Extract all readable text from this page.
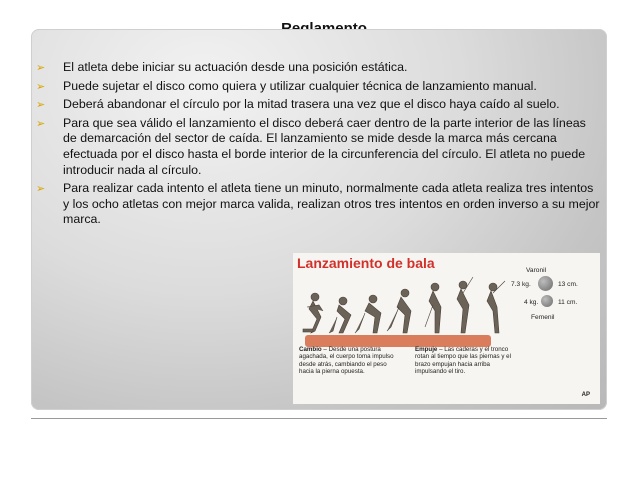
➢ El atleta debe iniciar su actuación desde una posición estática.
➢ Puede sujetar el disco como quiera y utilizar cualquier técnica de lanzamiento manual.
➢ Deberá abandonar el círculo por la mitad trasera una vez que el disco haya caído al suelo.
➢ Para que sea válido el lanzamiento el disco deberá caer dentro de la parte interior de las líneas de demarcación del sector de caída. El lanzamiento se mide desde la marca más cercana efectuada por el disco hasta el borde interior de la circunferencia del círculo. El atleta no puede introducir nada al círculo.
➢ Para realizar cada intento el atleta tiene un minuto, normalmente cada atleta realiza tres intentos y los ocho atletas con mejor marca valida, realizan otros tres intentos en orden inverso a su mejor marca.
Lanzamiento de bala	Varonil
7.3 kg.	13 cm.
4 kg.	11 cm.
Femenil
Cambio – Desde una postura agachada, el cuerpo toma impulso desde atrás, cambiando el peso hacia la pierna opuesta.
Empuje – Las caderas y el tronco rotan al tiempo que las piernas y el brazo empujan hacia arriba impulsando el tiro.
AP
